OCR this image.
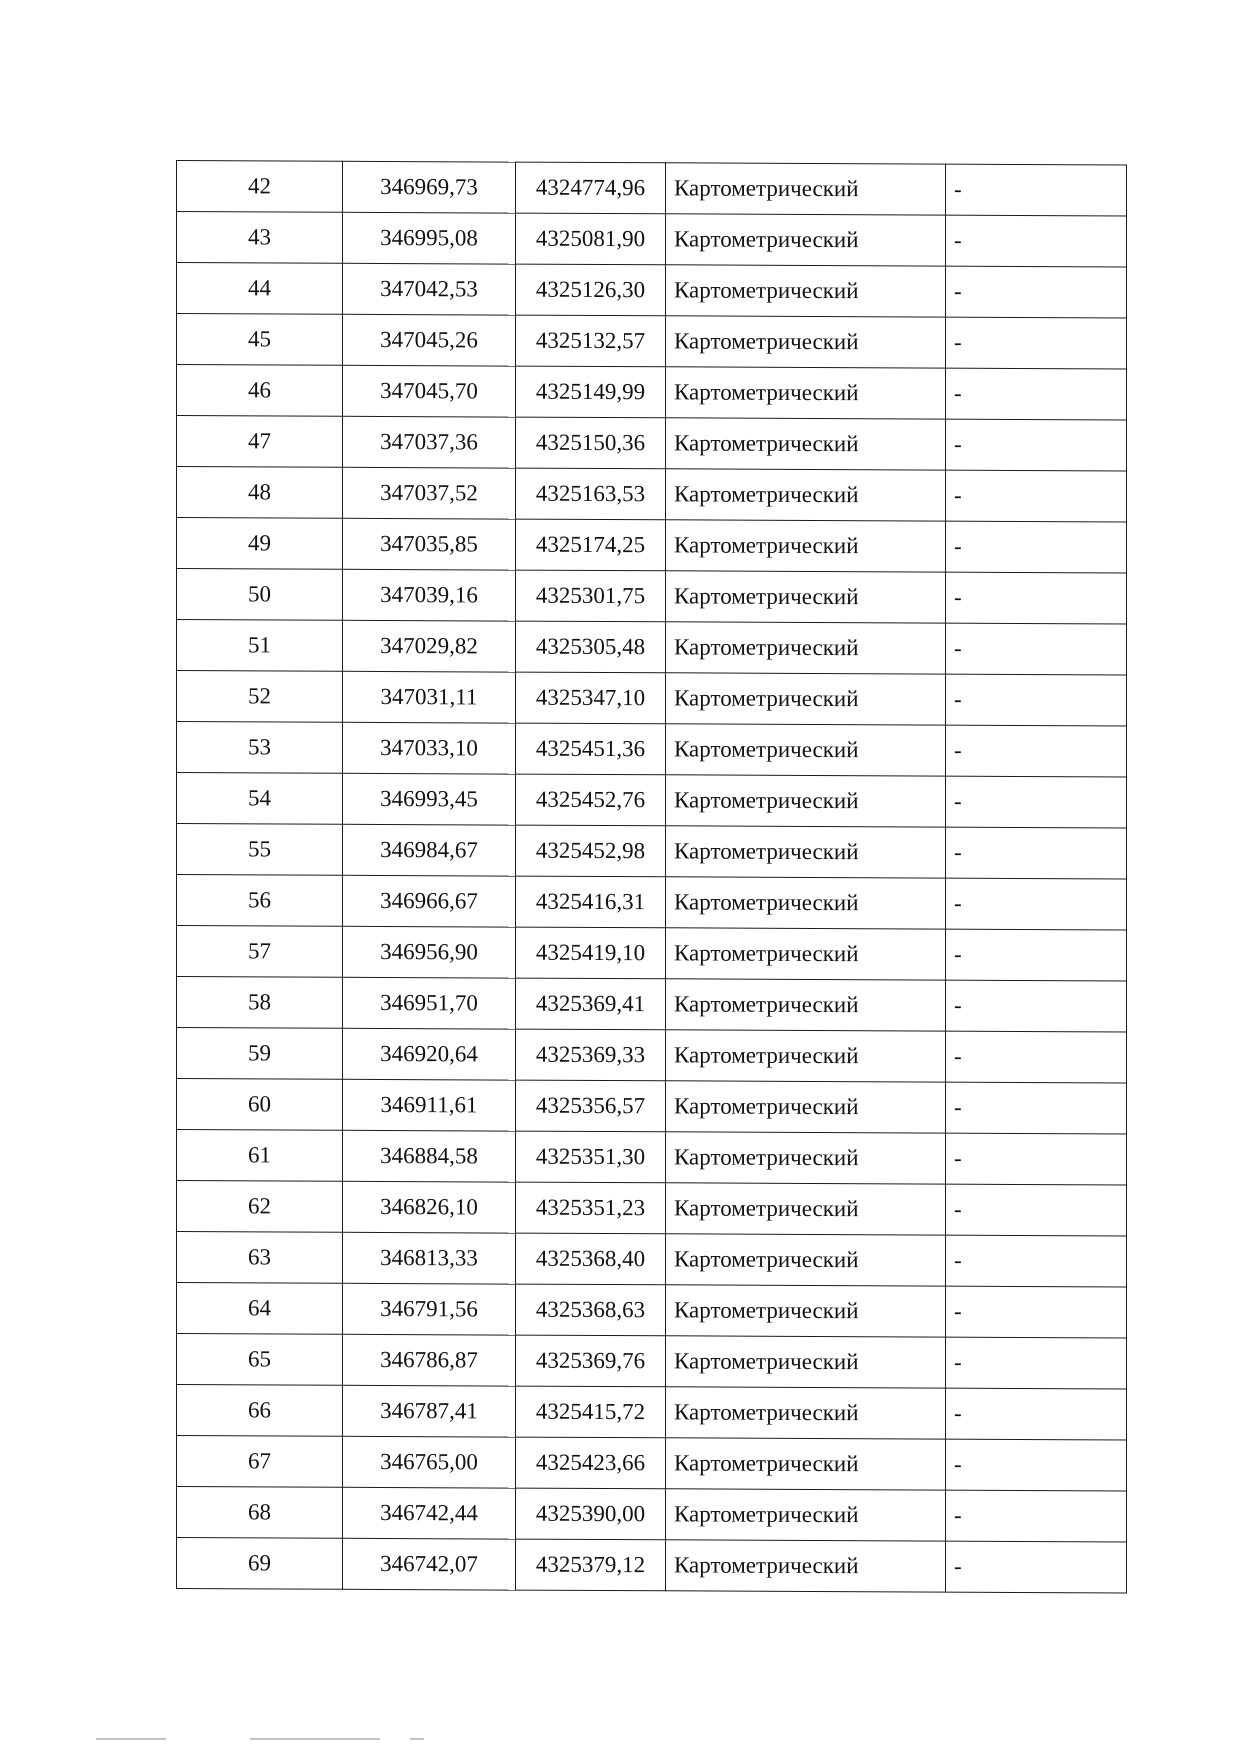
42	346969,73	4324774,96	Картометрический	-
43	346995,08	4325081,90	Картометрический	-
44	347042,53	4325126,30	Картометрический	-
45	347045,26	4325132,57	Картометрический	-
46	347045,70	4325149,99	Картометрический	-
47	347037,36	4325150,36	Картометрический	-
48	347037,52	4325163,53	Картометрический	-
49	347035,85	4325174,25	Картометрический	-
50	347039,16	4325301,75	Картометрический	-
51	347029,82	4325305,48	Картометрический	-
52	347031,11	4325347,10	Картометрический	-
53	347033,10	4325451,36	Картометрический	-
54	346993,45	4325452,76	Картометрический	-
55	346984,67	4325452,98	Картометрический	-
56	346966,67	4325416,31	Картометрический	-
57	346956,90	4325419,10	Картометрический	-
58	346951,70	4325369,41	Картометрический	-
59	346920,64	4325369,33	Картометрический	-
60	346911,61	4325356,57	Картометрический	-
61	346884,58	4325351,30	Картометрический	-
62	346826,10	4325351,23	Картометрический	-
63	346813,33	4325368,40	Картометрический	-
64	346791,56	4325368,63	Картометрический	-
65	346786,87	4325369,76	Картометрический	-
66	346787,41	4325415,72	Картометрический	-
67	346765,00	4325423,66	Картометрический	-
68	346742,44	4325390,00	Картометрический	-
69	346742,07	4325379,12	Картометрический	-
